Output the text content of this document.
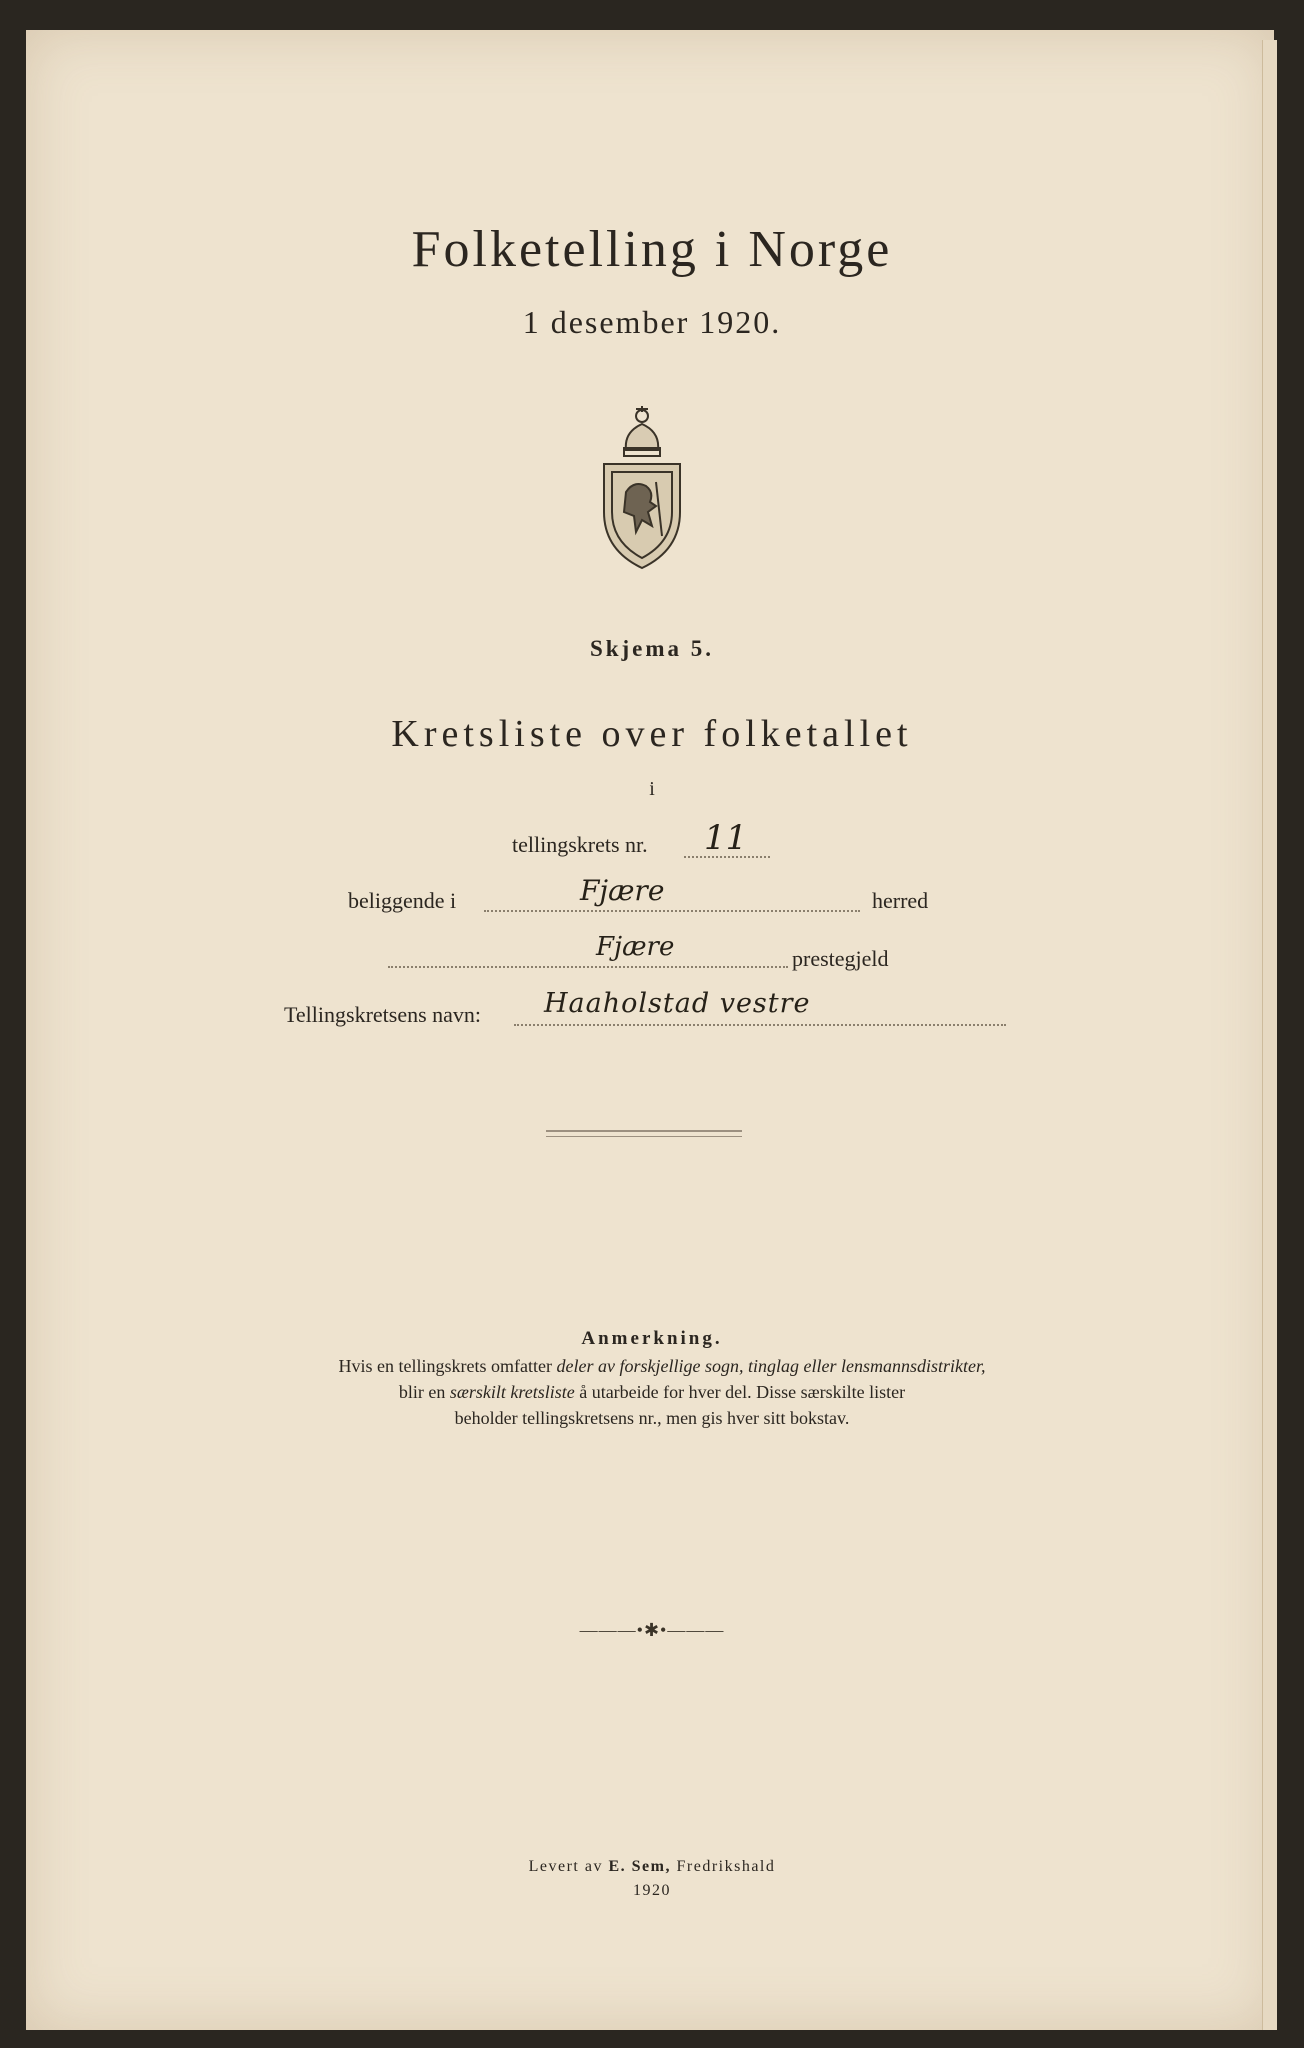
Folketelling i Norge
1 desember 1920.
Skjema 5.
Kretsliste over folketallet
i
tellingskrets nr. 11
beliggende i	Fjære	herred
Fjære	prestegjeld
Tellingskretsens navn: Haaholstad vestre
Anmerkning.
Hvis en tellingskrets omfatter deler av forskjellige sogn, tinglag eller lensmannsdistrikter,
blir en særskilt kretsliste å utarbeide for hver del. Disse særskilte lister
beholder tellingskretsens nr., men gis hver sitt bokstav.
———•✱•———
Levert av E. Sem, Fredrikshald
1920
